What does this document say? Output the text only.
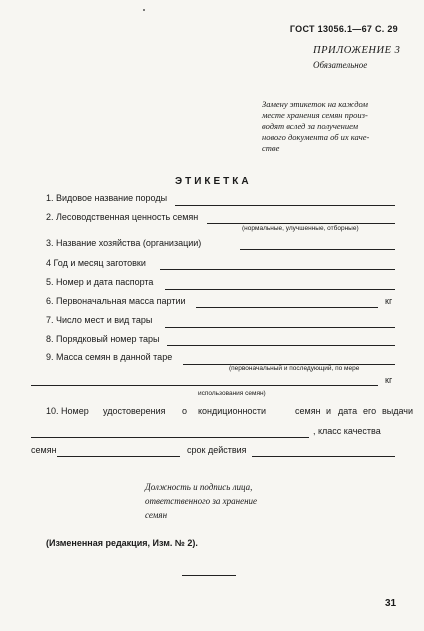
ГОСТ 13056.1—67 С. 29
ПРИЛОЖЕНИЕ 3
Обязательное
Замену этикеток на каждом
месте хранения семян произ-
водят вслед за получением
нового документа об их каче-
стве
ЭТИКЕТКА
1. Видовое название породы
2. Лесоводственная ценность семян
(нормальные, улучшенные, отборные)
3. Название хозяйства (организации)
4 Год и месяц заготовки
5. Номер и дата паспорта
6. Первоначальная масса партии	кг
7. Число мест и вид тары
8. Порядковый номер тары
9. Масса семян в данной таре
(первоначальный и последующий, по мере
кг
использования семян)
10. Номер удостоверения о кондиционности	семян и дата его выдачи
, класс качества
семян	срок действия
Должность и подпись лица,
ответственного за хранение
семян
(Измененная редакция, Изм. № 2).
31
